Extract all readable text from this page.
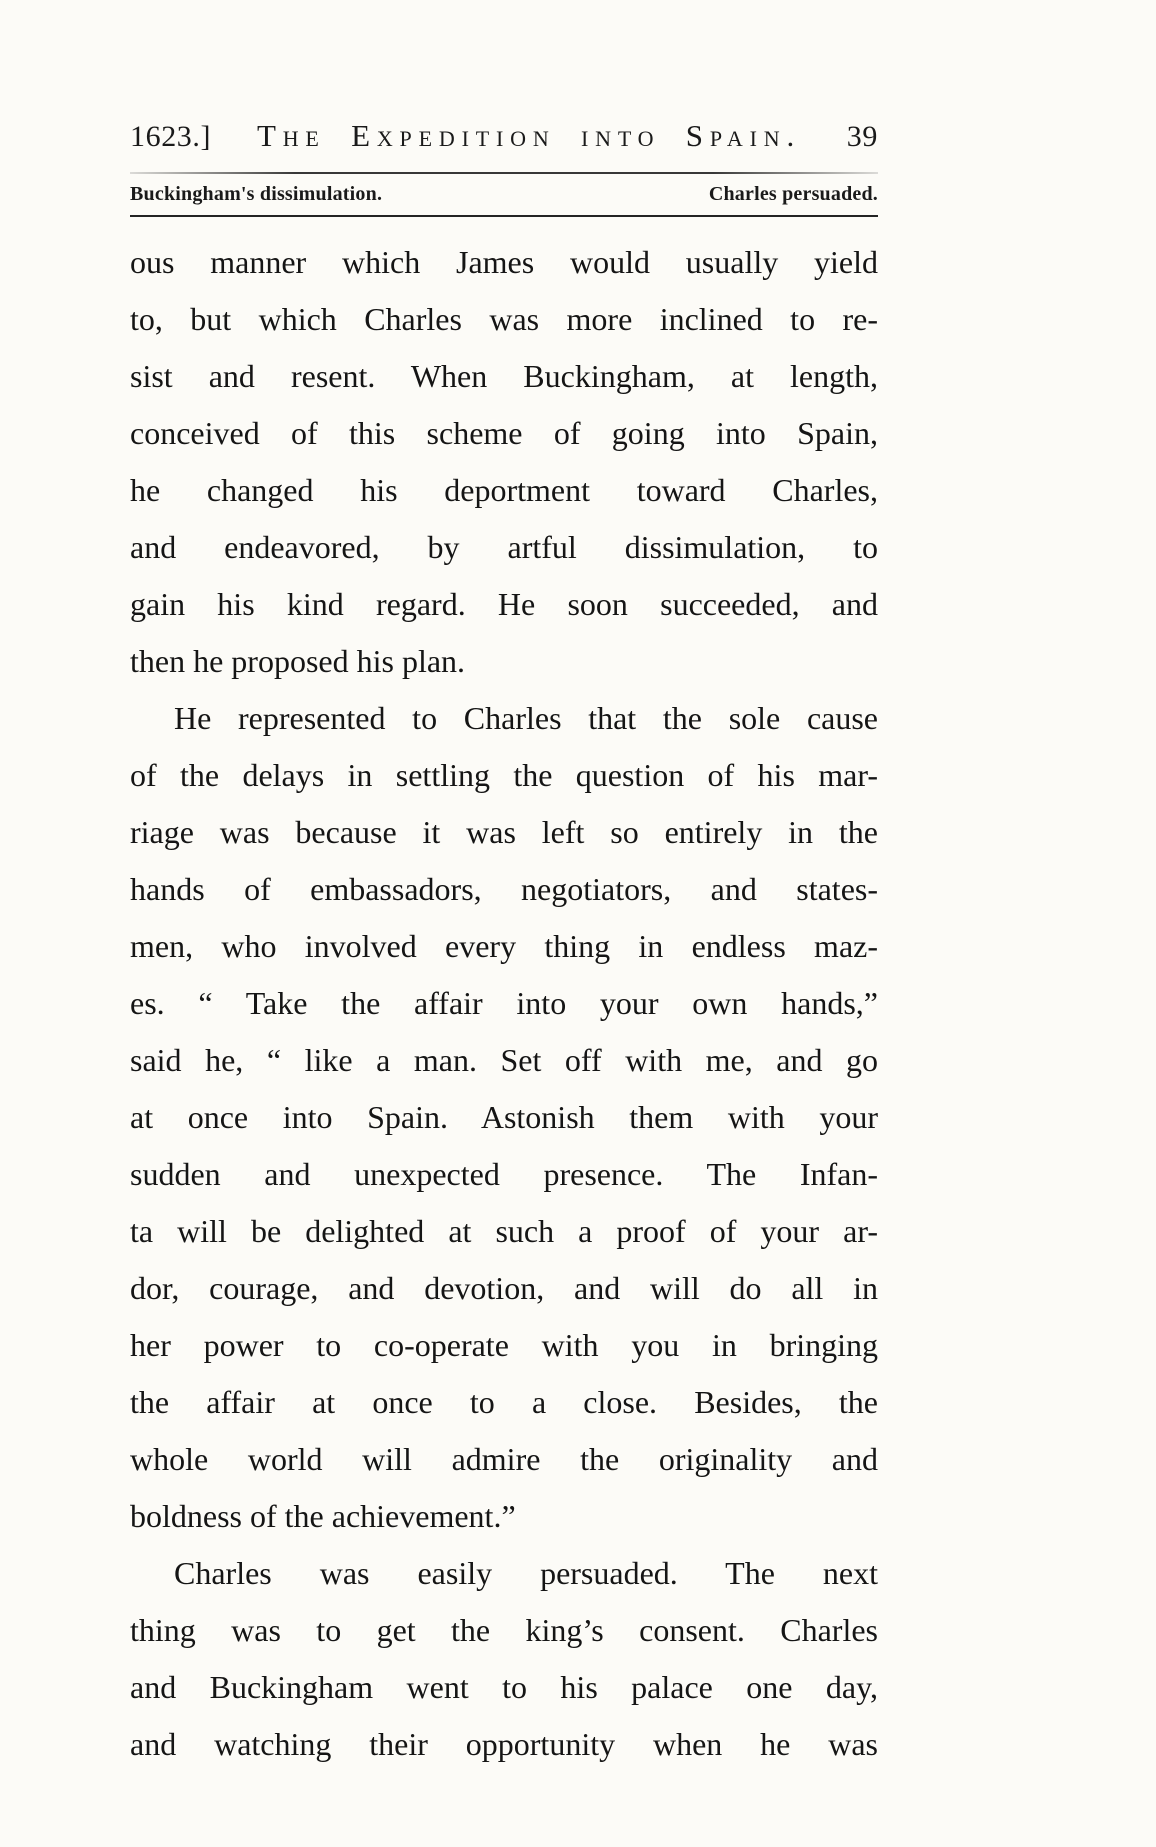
1623.]	The Expedition into Spain.	39
Buckingham's dissimulation.	Charles persuaded.
ous manner which James would usually yield
to, but which Charles was more inclined to re-
sist and resent. When Buckingham, at length,
conceived of this scheme of going into Spain,
he changed his deportment toward Charles,
and endeavored, by artful dissimulation, to
gain his kind regard. He soon succeeded, and
then he proposed his plan.
He represented to Charles that the sole cause
of the delays in settling the question of his mar-
riage was because it was left so entirely in the
hands of embassadors, negotiators, and states-
men, who involved every thing in endless maz-
es. “ Take the affair into your own hands,”
said he, “ like a man. Set off with me, and go
at once into Spain. Astonish them with your
sudden and unexpected presence. The Infan-
ta will be delighted at such a proof of your ar-
dor, courage, and devotion, and will do all in
her power to co-operate with you in bringing
the affair at once to a close. Besides, the
whole world will admire the originality and
boldness of the achievement.”
Charles was easily persuaded. The next
thing was to get the king’s consent. Charles
and Buckingham went to his palace one day,
and watching their opportunity when he was
